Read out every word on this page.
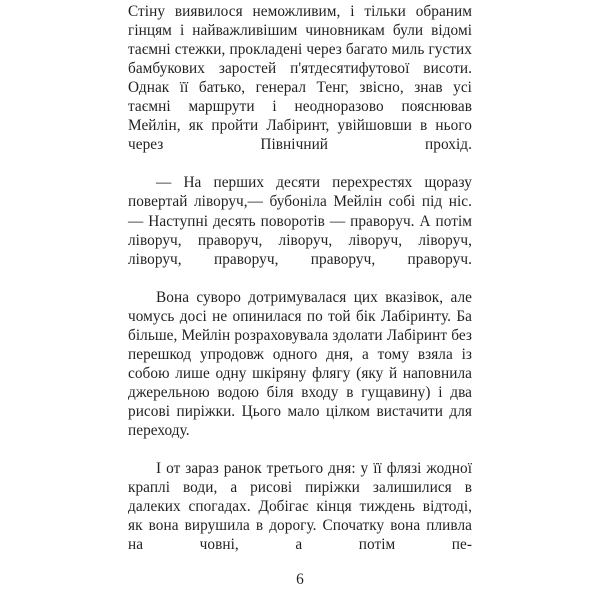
Стіну виявилося неможливим, і тільки обраним гінцям і найважливішим чиновникам були відомі таємні стежки, прокладені через багато миль густих бамбукових заростей п'ятдесятифутової висоти. Однак її батько, генерал Тенг, звісно, знав усі таємні маршрути і неодноразово пояснював Мейлін, як пройти Лабіринт, увійшовши в нього через Північний прохід.

— На перших десяти перехрестях щоразу повертай ліворуч,— бубоніла Мейлін собі під ніс.— Наступні десять поворотів — праворуч. А потім ліворуч, праворуч, ліворуч, ліворуч, ліворуч, ліворуч, праворуч, праворуч, праворуч.

Вона суворо дотримувалася цих вказівок, але чомусь досі не опинилася по той бік Лабіринту. Ба більше, Мейлін розраховувала здолати Лабіринт без перешкод упродовж одного дня, а тому взяла із собою лише одну шкіряну флягу (яку й наповнила джерельною водою біля входу в гущавину) і два рисові пиріжки. Цього мало цілком вистачити для переходу.

І от зараз ранок третього дня: у її флязі жодної краплі води, а рисові пиріжки залишилися в далеких спогадах. Добігає кінця тиждень відтоді, як вона вирушила в дорогу. Спочатку вона пливла на човні, а потім пе

6
